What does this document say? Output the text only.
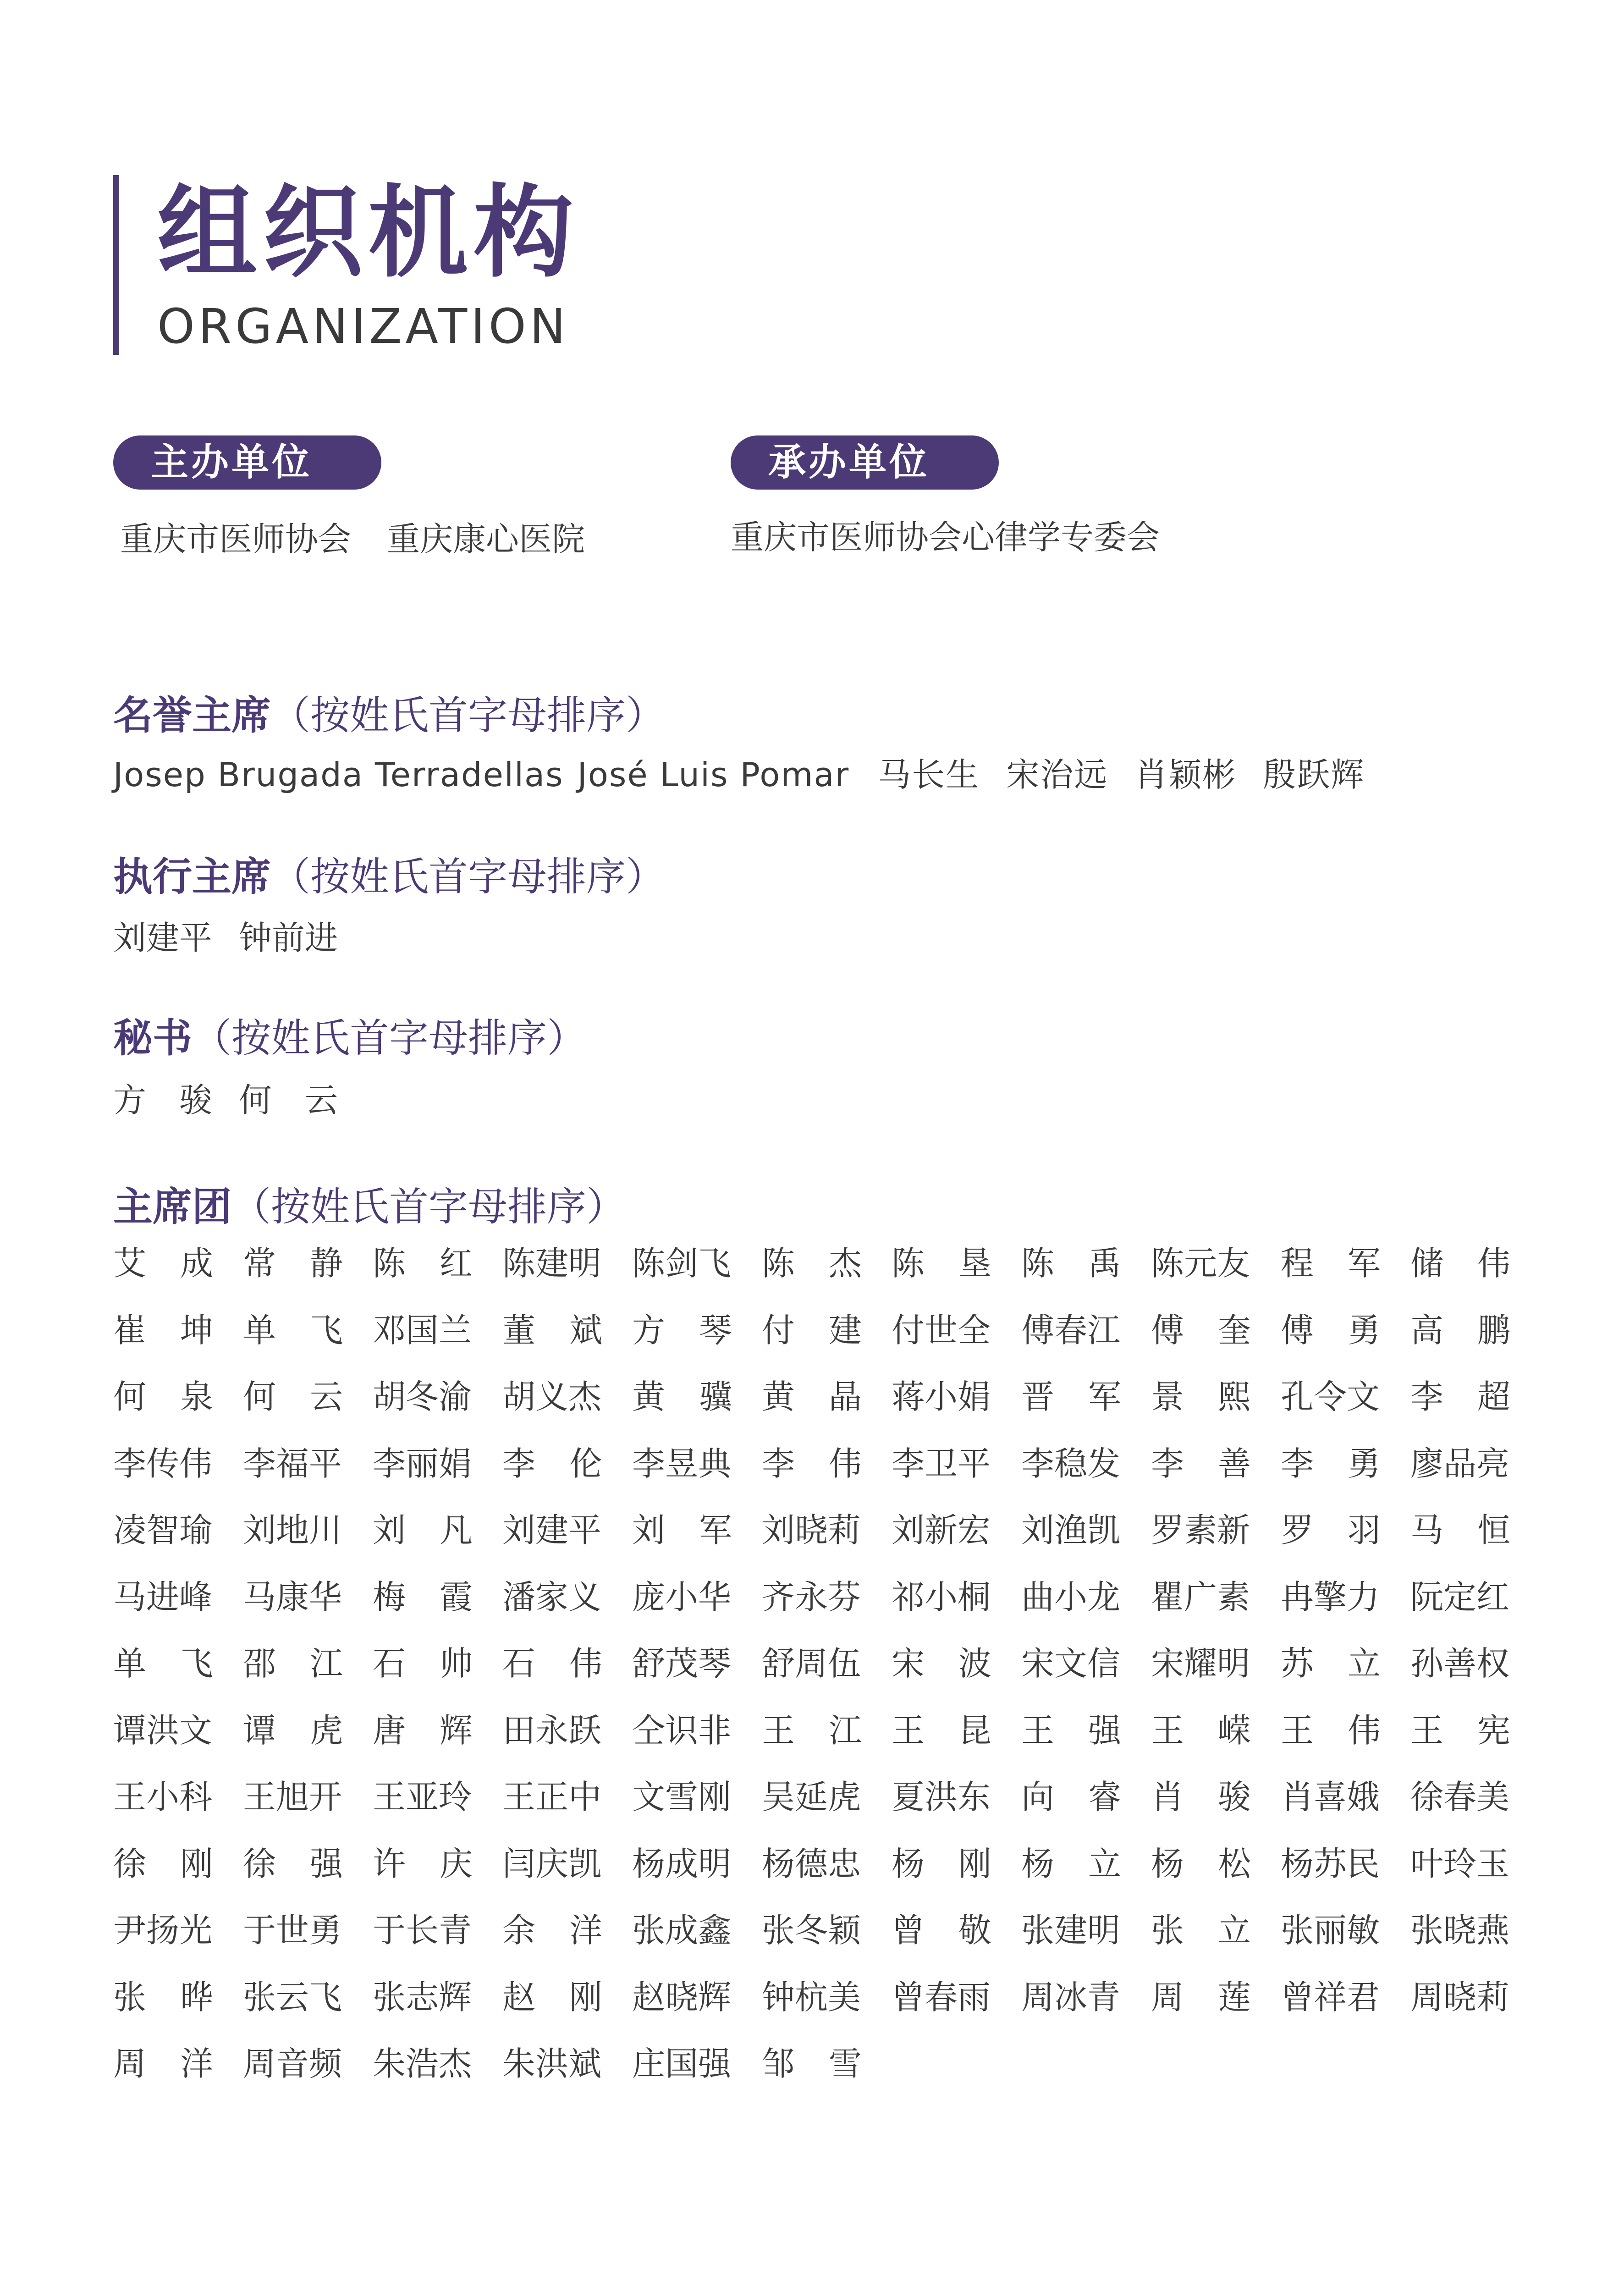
组织机构
ORGANIZATION
主办单位
重庆市医师协会 重庆康心医院
承办单位
重庆市医师协会心律学专委会
名誉主席（按姓氏首字母排序）
Josep Brugada Terradellas José Luis Pomar 马长生 宋治远 肖颖彬 殷跃辉
执行主席（按姓氏首字母排序）
刘建平 钟前进
秘书（按姓氏首字母排序）
方　骏 何　云
主席团（按姓氏首字母排序）
艾 成 常 静 陈 红 陈建明 陈剑飞 陈 杰 陈 垦 陈 禹 陈元友 程 军 储 伟
崔 坤 单 飞 邓国兰 董 斌 方 琴 付 建 付世全 傅春江 傅 奎 傅 勇 高 鹏
何 泉 何 云 胡冬渝 胡义杰 黄 骥 黄 晶 蒋小娟 晋 军 景 熙 孔令文 李 超
李传伟 李福平 李丽娟 李 伦 李昱典 李 伟 李卫平 李稳发 李 善 李 勇 廖品亮
凌智瑜 刘地川 刘 凡 刘建平 刘 军 刘晓莉 刘新宏 刘渔凯 罗素新 罗 羽 马 恒
马进峰 马康华 梅 霞 潘家义 庞小华 齐永芬 祁小桐 曲小龙 瞿广素 冉擎力 阮定红
单 飞 邵 江 石 帅 石 伟 舒茂琴 舒周伍 宋 波 宋文信 宋耀明 苏 立 孙善权
谭洪文 谭 虎 唐 辉 田永跃 仝识非 王 江 王 昆 王 强 王 嵘 王 伟 王 宪
王小科 王旭开 王亚玲 王正中 文雪刚 吴延虎 夏洪东 向 睿 肖 骏 肖喜娥 徐春美
徐 刚 徐 强 许 庆 闫庆凯 杨成明 杨德忠 杨 刚 杨 立 杨 松 杨苏民 叶玲玉
尹扬光 于世勇 于长青 余 洋 张成鑫 张冬颖 曾 敬 张建明 张 立 张丽敏 张晓燕
张 晔 张云飞 张志辉 赵 刚 赵晓辉 钟杭美 曾春雨 周冰青 周 莲 曾祥君 周晓莉
周 洋 周音频 朱浩杰 朱洪斌 庄国强 邹 雪
